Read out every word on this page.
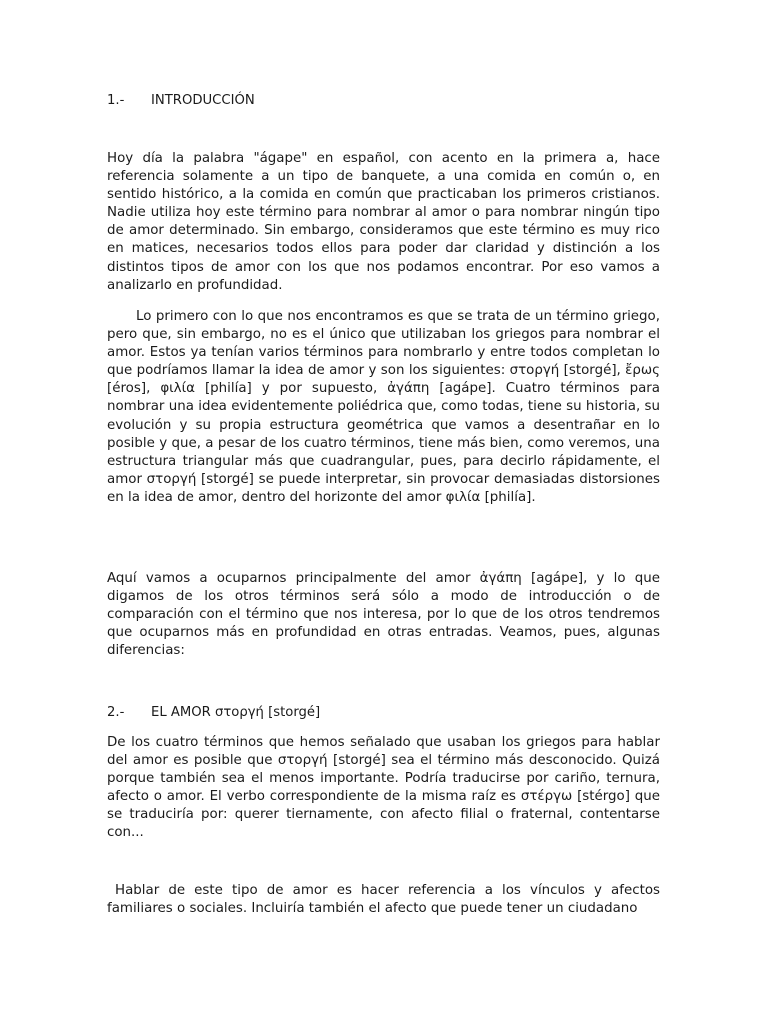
1.- INTRODUCCIÓN

Hoy día la palabra "ágape" en español, con acento en la primera a, hace referencia solamente a un tipo de banquete, a una comida en común o, en sentido histórico, a la comida en común que practicaban los primeros cristianos. Nadie utiliza hoy este término para nombrar al amor o para nombrar ningún tipo de amor determinado. Sin embargo, consideramos que este término es muy rico en matices, necesarios todos ellos para poder dar claridad y distinción a los distintos tipos de amor con los que nos podamos encontrar. Por eso vamos a analizarlo en profundidad.

Lo primero con lo que nos encontramos es que se trata de un término griego, pero que, sin embargo, no es el único que utilizaban los griegos para nombrar el amor. Estos ya tenían varios términos para nombrarlo y entre todos completan lo que podríamos llamar la idea de amor y son los siguientes: στοργή [storgé], ἔρως [éros], φιλία [philía] y por supuesto, ἀγάπη [agápe]. Cuatro términos para nombrar una idea evidentemente poliédrica que, como todas, tiene su historia, su evolución y su propia estructura geométrica que vamos a desentrañar en lo posible y que, a pesar de los cuatro términos, tiene más bien, como veremos, una estructura triangular más que cuadrangular, pues, para decirlo rápidamente, el amor στοργή [storgé] se puede interpretar, sin provocar demasiadas distorsiones en la idea de amor, dentro del horizonte del amor φιλία [philía].

Aquí vamos a ocuparnos principalmente del amor ἀγάπη [agápe], y lo que digamos de los otros términos será sólo a modo de introducción o de comparación con el término que nos interesa, por lo que de los otros tendremos que ocuparnos más en profundidad en otras entradas. Veamos, pues, algunas diferencias:

2.- EL AMOR στοργή [storgé]

De los cuatro términos que hemos señalado que usaban los griegos para hablar del amor es posible que στοργή [storgé] sea el término más desconocido. Quizá porque también sea el menos importante. Podría traducirse por cariño, ternura, afecto o amor. El verbo correspondiente de la misma raíz es στέργω [stérgo] que se traduciría por: querer tiernamente, con afecto filial o fraternal, contentarse con...

Hablar de este tipo de amor es hacer referencia a los vínculos y afectos familiares o sociales. Incluiría también el afecto que puede tener un ciudadano
